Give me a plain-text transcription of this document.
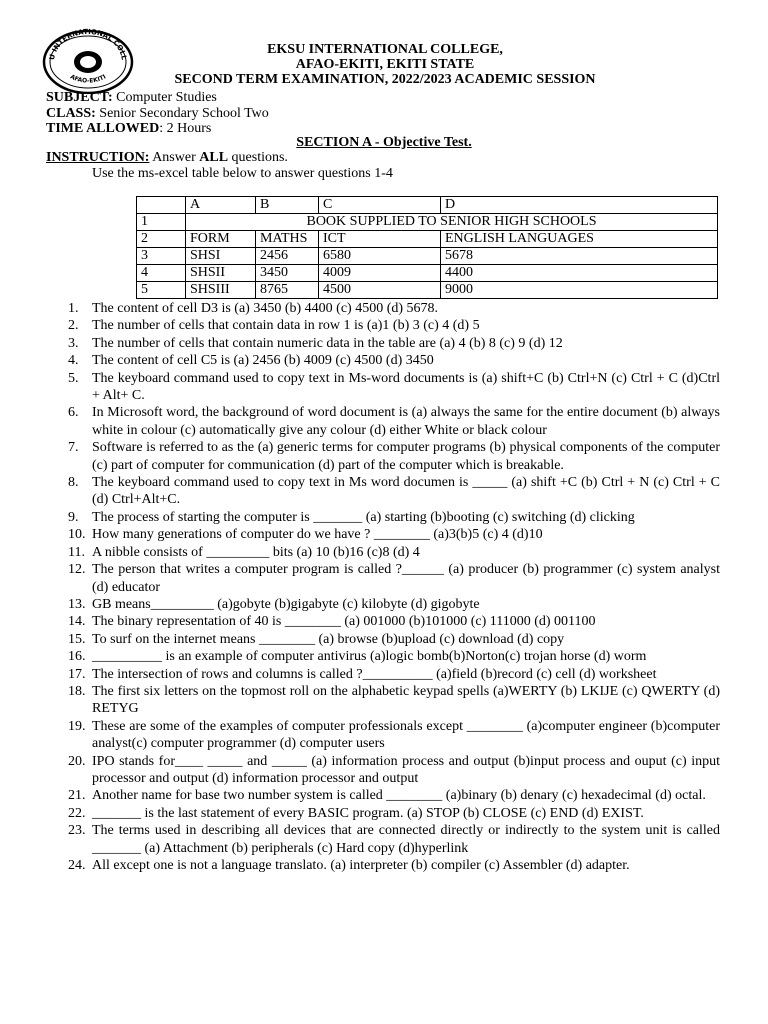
U INTERNATIONAL COLL
AFAO-EKITI
EKSU INTERNATIONAL COLLEGE,
AFAO-EKITI, EKITI STATE
SECOND TERM EXAMINATION, 2022/2023 ACADEMIC SESSION
SUBJECT: Computer Studies
CLASS: Senior Secondary School Two
TIME ALLOWED: 2 Hours
SECTION A - Objective Test.
INSTRUCTION: Answer ALL questions.
Use the ms-excel table below to answer questions 1-4
	A	B	C	D
1	BOOK SUPPLIED TO SENIOR HIGH SCHOOLS			
2	FORM	MATHS	ICT	ENGLISH LANGUAGES
3	SHSI	2456	6580	5678
4	SHSII	3450	4009	4400
5	SHSIII	8765	4500	9000
1. The content of cell D3 is (a) 3450 (b) 4400 (c) 4500 (d) 5678.
2. The number of cells that contain data in row 1 is (a)1 (b) 3 (c) 4 (d) 5
3. The number of cells that contain numeric data in the table are (a) 4 (b) 8 (c) 9 (d) 12
4. The content of cell C5 is (a) 2456 (b) 4009 (c) 4500 (d) 3450
5. The keyboard command used to copy text in Ms-word documents is (a) shift+C (b) Ctrl+N (c) Ctrl + C (d)Ctrl + Alt+ C.
6. In Microsoft word, the background of word document is (a) always the same for the entire document (b) always white in colour (c) automatically give any colour (d) either White or black colour
7. Software is referred to as the (a) generic terms for computer programs (b) physical components of the computer (c) part of computer for communication (d) part of the computer which is breakable.
8. The keyboard command used to copy text in Ms word documen is _____ (a) shift +C (b) Ctrl + N (c) Ctrl + C (d) Ctrl+Alt+C.
9. The process of starting the computer is _______ (a) starting (b)booting (c) switching (d) clicking
10. How many generations of computer do we have ? ________ (a)3(b)5 (c) 4 (d)10
11. A nibble consists of _________ bits (a) 10 (b)16 (c)8 (d) 4
12. The person that writes a computer program is called ?______ (a) producer (b) programmer (c) system analyst (d) educator
13. GB means_________ (a)gobyte (b)gigabyte (c) kilobyte (d) gigobyte
14. The binary representation of 40 is ________ (a) 001000 (b)101000 (c) 111000 (d) 001100
15. To surf on the internet means ________ (a) browse (b)upload (c) download (d) copy
16. __________ is an example of computer antivirus (a)logic bomb(b)Norton(c) trojan horse (d) worm
17. The intersection of rows and columns is called ?__________ (a)field (b)record (c) cell (d) worksheet
18. The first six letters on the topmost roll on the alphabetic keypad spells (a)WERTY (b) LKIJE (c) QWERTY (d) RETYG
19. These are some of the examples of computer professionals except ________ (a)computer engineer (b)computer analyst(c) computer programmer (d) computer users
20. IPO stands for____ _____ and _____ (a) information process and output (b)input process and ouput (c) input processor and output (d) information processor and output
21. Another name for base two number system is called ________ (a)binary (b) denary (c) hexadecimal (d) octal.
22. _______ is the last statement of every BASIC program. (a) STOP (b) CLOSE (c) END (d) EXIST.
23. The terms used in describing all devices that are connected directly or indirectly to the system unit is called _______ (a) Attachment (b) peripherals (c) Hard copy (d)hyperlink
24. All except one is not a language translato. (a) interpreter (b) compiler (c) Assembler (d) adapter.
